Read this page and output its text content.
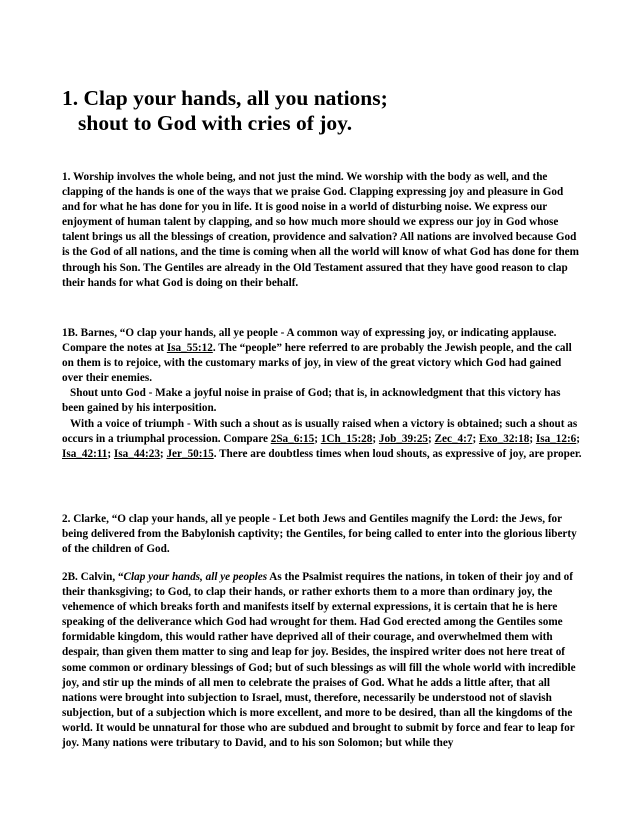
1. Clap your hands, all you nations;
shout to God with cries of joy.

1. Worship involves the whole being, and not just the mind. We worship with the body as well, and the clapping of the hands is one of the ways that we praise God. Clapping expressing joy and pleasure in God and for what he has done for you in life. It is good noise in a world of disturbing noise. We express our enjoyment of human talent by clapping, and so how much more should we express our joy in God whose talent brings us all the blessings of creation, providence and salvation? All nations are involved because God is the God of all nations, and the time is coming when all the world will know of what God has done for them through his Son. The Gentiles are already in the Old Testament assured that they have good reason to clap their hands for what God is doing on their behalf.

1B. Barnes, “O clap your hands, all ye people - A common way of expressing joy, or indicating applause. Compare the notes at Isa_55:12. The “people” here referred to are probably the Jewish people, and the call on them is to rejoice, with the customary marks of joy, in view of the great victory which God had gained over their enemies.
Shout unto God - Make a joyful noise in praise of God; that is, in acknowledgment that this victory has been gained by his interposition.
With a voice of triumph - With such a shout as is usually raised when a victory is obtained; such a shout as occurs in a triumphal procession. Compare 2Sa_6:15; 1Ch_15:28; Job_39:25; Zec_4:7; Exo_32:18; Isa_12:6; Isa_42:11; Isa_44:23; Jer_50:15. There are doubtless times when loud shouts, as expressive of joy, are proper.

2. Clarke, “O clap your hands, all ye people - Let both Jews and Gentiles magnify the Lord: the Jews, for being delivered from the Babylonish captivity; the Gentiles, for being called to enter into the glorious liberty of the children of God.

2B. Calvin, “Clap your hands, all ye peoples As the Psalmist requires the nations, in token of their joy and of their thanksgiving; to God, to clap their hands, or rather exhorts them to a more than ordinary joy, the vehemence of which breaks forth and manifests itself by external expressions, it is certain that he is here speaking of the deliverance which God had wrought for them. Had God erected among the Gentiles some formidable kingdom, this would rather have deprived all of their courage, and overwhelmed them with despair, than given them matter to sing and leap for joy. Besides, the inspired writer does not here treat of some common or ordinary blessings of God; but of such blessings as will fill the whole world with incredible joy, and stir up the minds of all men to celebrate the praises of God. What he adds a little after, that all nations were brought into subjection to Israel, must, therefore, necessarily be understood not of slavish subjection, but of a subjection which is more excellent, and more to be desired, than all the kingdoms of the world. It would be unnatural for those who are subdued and brought to submit by force and fear to leap for joy. Many nations were tributary to David, and to his son Solomon; but while they
